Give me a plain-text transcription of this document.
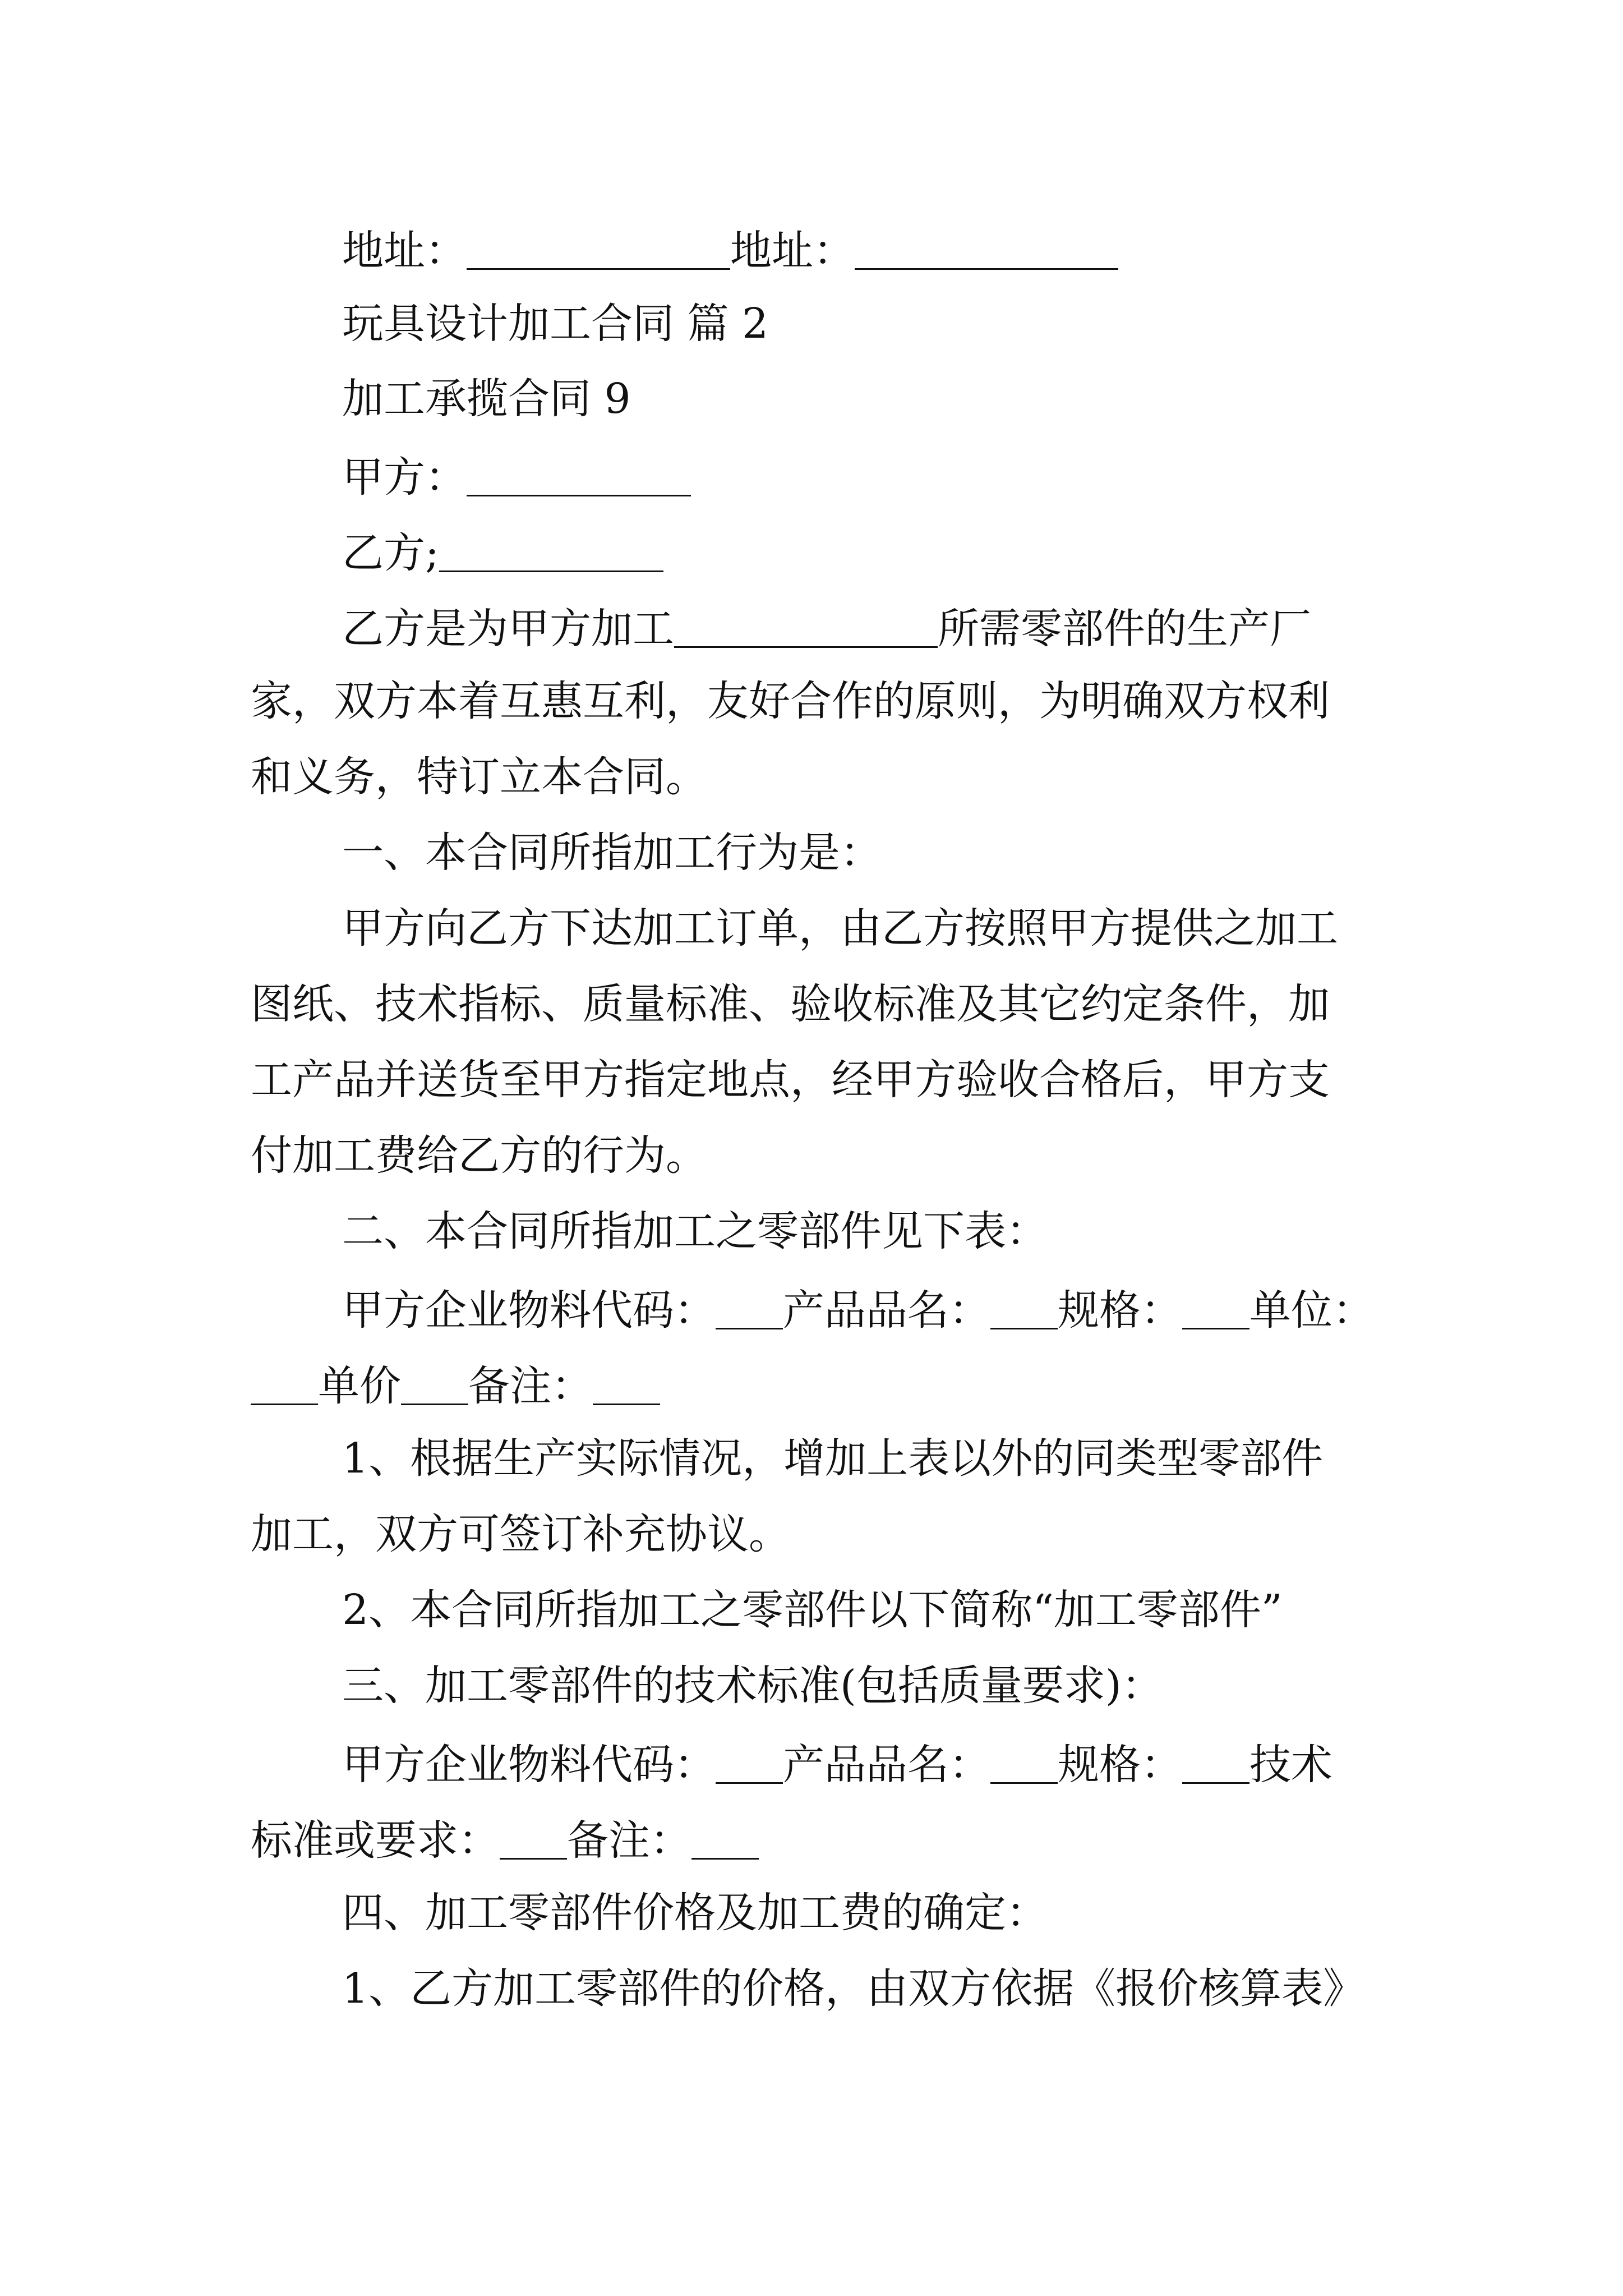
地址：	地址：
玩具设计加工合同 篇 2
加工承揽合同 9
甲方：
乙方;
乙方是为甲方加工	所需零部件的生产厂
家，双方本着互惠互利，友好合作的原则，为明确双方权利
和义务，特订立本合同。
一、本合同所指加工行为是：
甲方向乙方下达加工订单，由乙方按照甲方提供之加工
图纸、技术指标、质量标准、验收标准及其它约定条件，加
工产品并送货至甲方指定地点，经甲方验收合格后，甲方支
付加工费给乙方的行为。
二、本合同所指加工之零部件见下表：
甲方企业物料代码： 产品品名： 规格： 单位：
单价 备注：
1、根据生产实际情况，增加上表以外的同类型零部件
加工，双方可签订补充协议。
2、本合同所指加工之零部件以下简称“加工零部件”
三、加工零部件的技术标准(包括质量要求)：
甲方企业物料代码： 产品品名： 规格： 技术
标准或要求： 备注：
四、加工零部件价格及加工费的确定：
1、乙方加工零部件的价格，由双方依据《报价核算表》
